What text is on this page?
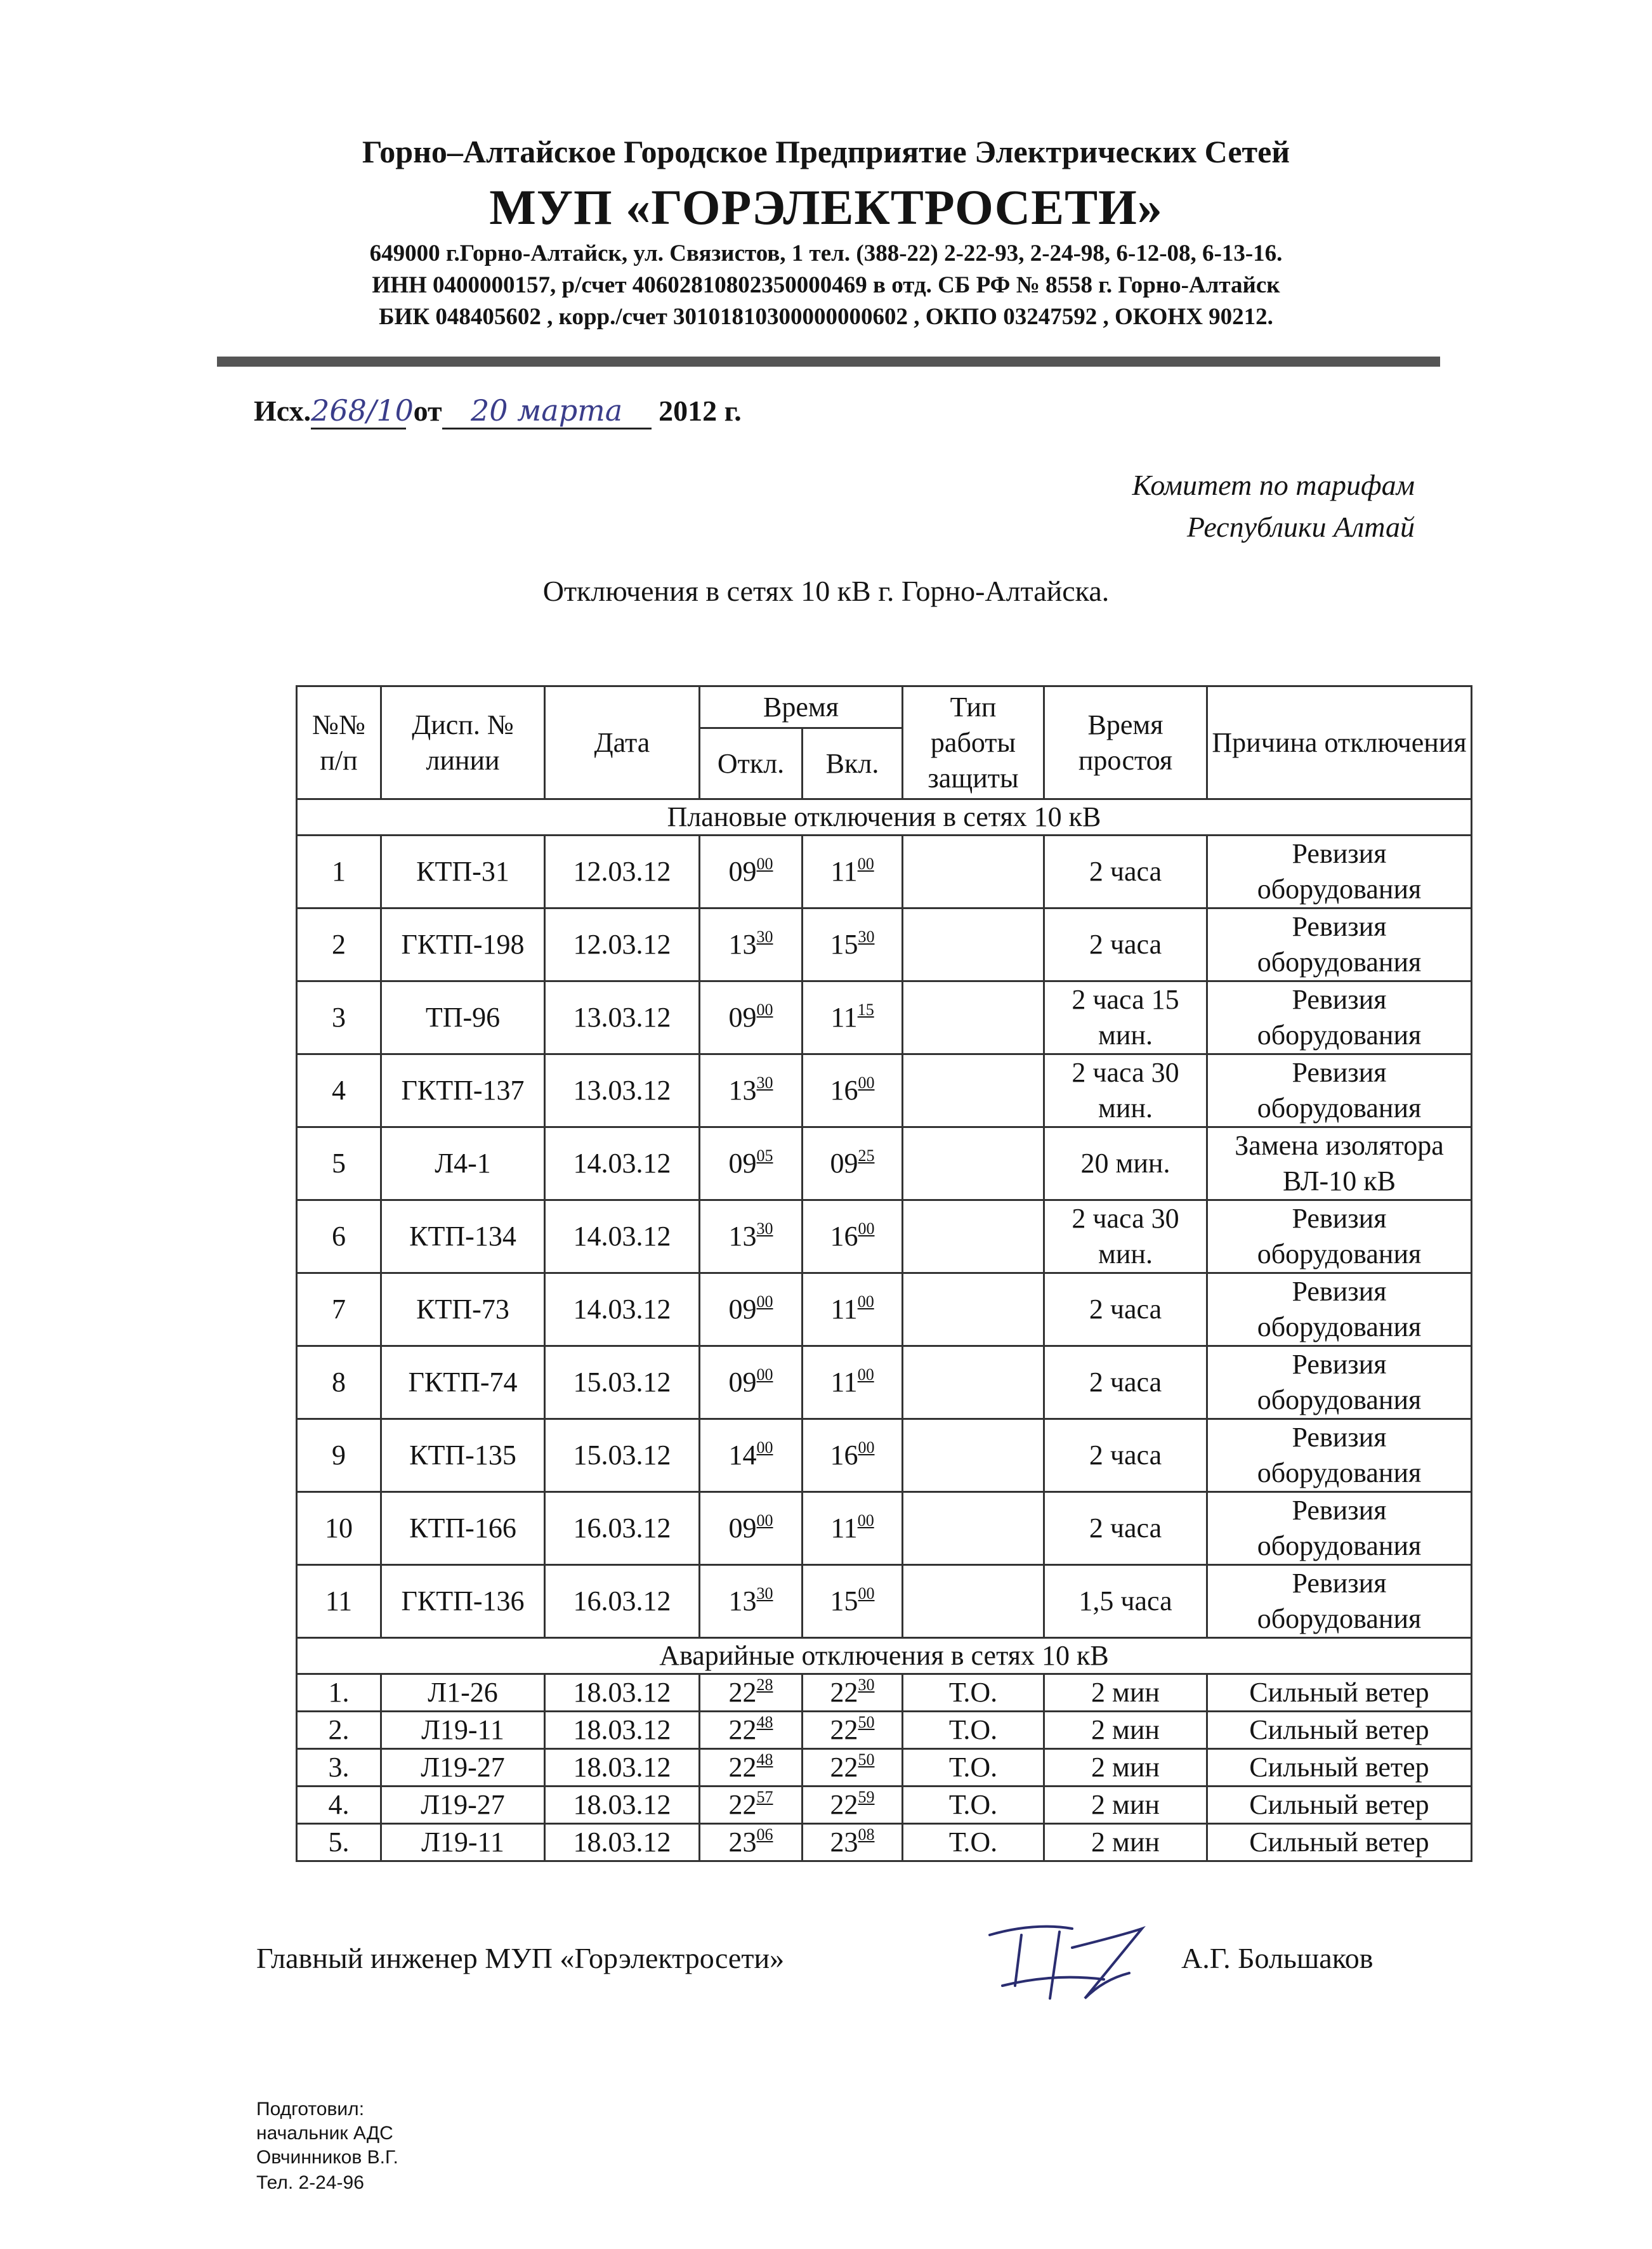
Горно–Алтайское Городское Предприятие Электрических Сетей
МУП «ГОРЭЛЕКТРОСЕТИ»
649000 г.Горно-Алтайск, ул. Связистов, 1 тел. (388-22) 2-22-93, 2-24-98, 6-12-08, 6-13-16.
ИНН 0400000157, р/счет 40602810802350000469 в отд. СБ РФ № 8558 г. Горно-Алтайск
БИК 048405602 , корр./счет 30101810300000000602 , ОКПО 03247592 , ОКОНХ 90212.
Исх.268/10 от 20 марта 2012 г.
Комитет по тарифам
Республики Алтай
Отключения в сетях 10 кВ г. Горно-Алтайска.
№№ п/п	Дисп. № линии	Дата	Время		Тип работы защиты	Время простоя	Причина отключения
			Откл.	Вкл.			
Плановые отключения в сетях 10 кВ							
1	КТП-31	12.03.12	$09^{00}$	$11^{00}$		2 часа	Ревизия оборудования
2	ГКТП-198	12.03.12	$13^{30}$	$15^{30}$		2 часа	Ревизия оборудования
3	ТП-96	13.03.12	$09^{00}$	$11^{15}$		2 часа 15 мин.	Ревизия оборудования
4	ГКТП-137	13.03.12	$13^{30}$	$16^{00}$		2 часа 30 мин.	Ревизия оборудования
5	Л4-1	14.03.12	$09^{05}$	$09^{25}$		20 мин.	Замена изолятора ВЛ-10 кВ
6	КТП-134	14.03.12	$13^{30}$	$16^{00}$		2 часа 30 мин.	Ревизия оборудования
7	КТП-73	14.03.12	$09^{00}$	$11^{00}$		2 часа	Ревизия оборудования
8	ГКТП-74	15.03.12	$09^{00}$	$11^{00}$		2 часа	Ревизия оборудования
9	КТП-135	15.03.12	$14^{00}$	$16^{00}$		2 часа	Ревизия оборудования
10	КТП-166	16.03.12	$09^{00}$	$11^{00}$		2 часа	Ревизия оборудования
11	ГКТП-136	16.03.12	$13^{30}$	$15^{00}$		1,5 часа	Ревизия оборудования
Аварийные отключения в сетях 10 кВ							
1.	Л1-26	18.03.12	$22^{28}$	$22^{30}$	Т.О.	2 мин	Сильный ветер
2.	Л19-11	18.03.12	$22^{48}$	$22^{50}$	Т.О.	2 мин	Сильный ветер
3.	Л19-27	18.03.12	$22^{48}$	$22^{50}$	Т.О.	2 мин	Сильный ветер
4.	Л19-27	18.03.12	$22^{57}$	$22^{59}$	Т.О.	2 мин	Сильный ветер
5.	Л19-11	18.03.12	$23^{06}$	$23^{08}$	Т.О.	2 мин	Сильный ветер
Главный инженер МУП «Горэлектросети»	А.Г. Большаков
Подготовил:
начальник АДС
Овчинников В.Г.
Тел. 2-24-96
